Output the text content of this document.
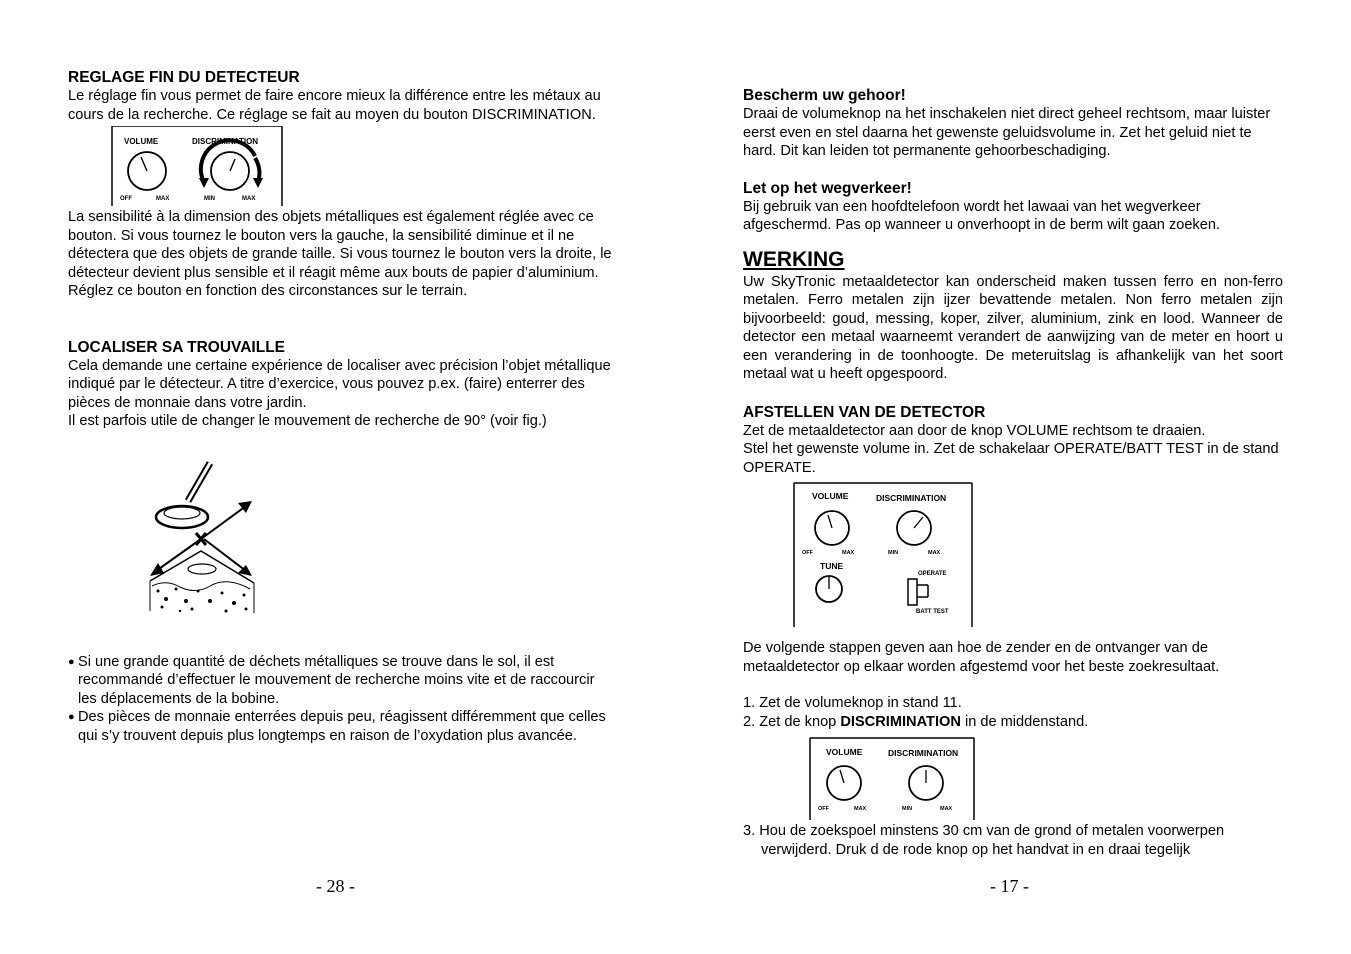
REGLAGE FIN DU DETECTEUR

Le réglage fin vous permet de faire encore mieux la différence entre les métaux au cours de la recherche. Ce réglage se fait au moyen du bouton DISCRIMINATION.

VOLUME	DISCRIMINATION
OFF	MAX	MIN	MAX

La sensibilité à la dimension des objets métalliques est également réglée avec ce bouton. Si vous tournez le bouton vers la gauche, la sensibilité diminue et il ne détectera que des objets de grande taille. Si vous tournez le bouton vers la droite, le détecteur devient plus sensible et il réagit même aux bouts de papier d’aluminium. Réglez ce bouton en fonction des circonstances sur le terrain.

LOCALISER SA TROUVAILLE

Cela demande une certaine expérience de localiser avec précision l’objet métallique indiqué par le détecteur. A titre d’exercice, vous pouvez p.ex. (faire) enterrer des pièces de monnaie dans votre jardin.

Il est parfois utile de changer le mouvement de recherche de 90° (voir fig.)

● Si une grande quantité de déchets métalliques se trouve dans le sol, il est recommandé d’effectuer le mouvement de recherche moins vite et de raccourcir les déplacements de la bobine.
● Des pièces de monnaie enterrées depuis peu, réagissent différemment que celles qui s’y trouvent depuis plus longtemps en raison de l’oxydation plus avancée.
- 28 -
Bescherm uw gehoor!

Draai de volumeknop na het inschakelen niet direct geheel rechtsom, maar luister eerst even en stel daarna het gewenste geluidsvolume in. Zet het geluid niet te hard. Dit kan leiden tot permanente gehoorbeschadiging.

Let op het wegverkeer!

Bij gebruik van een hoofdtelefoon wordt het lawaai van het wegverkeer afgeschermd. Pas op wanneer u onverhoopt in de berm wilt gaan zoeken.

WERKING

Uw SkyTronic metaaldetector kan onderscheid maken tussen ferro en non-ferro metalen. Ferro metalen zijn ijzer bevattende metalen. Non ferro metalen zijn bijvoorbeeld: goud, messing, koper, zilver, aluminium, zink en lood. Wanneer de detector een metaal waarneemt verandert de aanwijzing van de meter en hoort u een verandering in de toonhoogte. De meteruitslag is afhankelijk van het soort metaal wat u heeft opgespoord.

AFSTELLEN VAN DE DETECTOR

Zet de metaaldetector aan door de knop VOLUME rechtsom te draaien.

Stel het gewenste volume in. Zet de schakelaar OPERATE/BATT TEST in de stand OPERATE.

VOLUME	DISCRIMINATION
OFF	MAX	MIN	MAX
TUNE
OPERATE
BATT TEST

De volgende stappen geven aan hoe de zender en de ontvanger van de metaaldetector op elkaar worden afgestemd voor het beste zoekresultaat.

1. Zet de volumeknop in stand 11.

2. Zet de knop DISCRIMINATION in de middenstand.

VOLUME	DISCRIMINATION
OFF	MAX	MIN	MAX

3. Hou de zoekspoel minstens 30 cm van de grond of metalen voorwerpen

verwijderd. Druk d de rode knop op het handvat in en draai tegelijk

- 17 -
